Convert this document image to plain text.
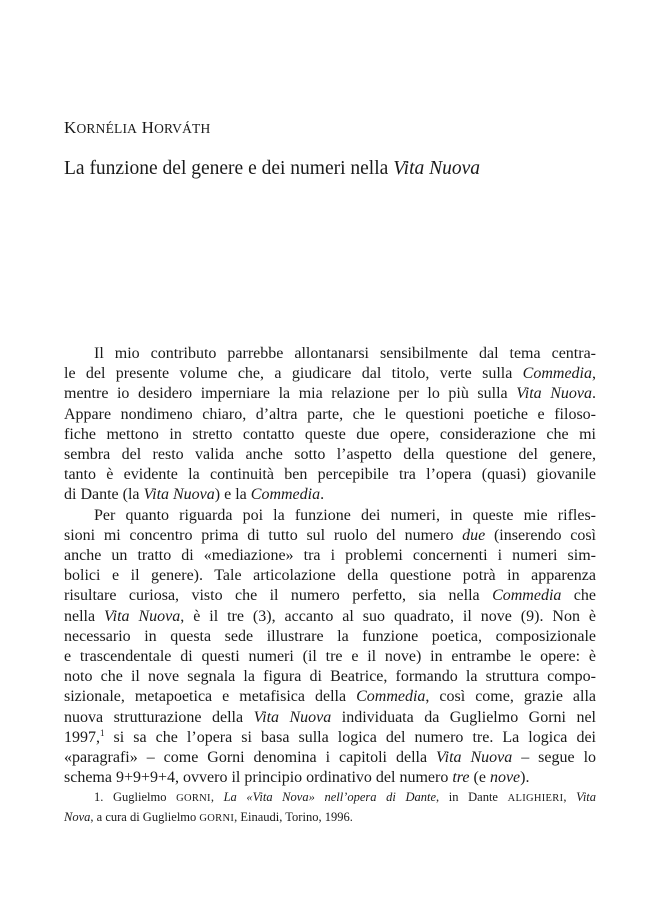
KORNÉLIA HORVÁTH
La funzione del genere e dei numeri nella Vita Nuova

Il mio contributo parrebbe allontanarsi sensibilmente dal tema centra-
le del presente volume che, a giudicare dal titolo, verte sulla Commedia,
mentre io desidero imperniare la mia relazione per lo più sulla Vita Nuova.
Appare nondimeno chiaro, d’altra parte, che le questioni poetiche e filoso-
fiche mettono in stretto contatto queste due opere, considerazione che mi
sembra del resto valida anche sotto l’aspetto della questione del genere,
tanto è evidente la continuità ben percepibile tra l’opera (quasi) giovanile
di Dante (la Vita Nuova) e la Commedia.

Per quanto riguarda poi la funzione dei numeri, in queste mie rifles-
sioni mi concentro prima di tutto sul ruolo del numero due (inserendo così
anche un tratto di «mediazione» tra i problemi concernenti i numeri sim-
bolici e il genere). Tale articolazione della questione potrà in apparenza
risultare curiosa, visto che il numero perfetto, sia nella Commedia che
nella Vita Nuova, è il tre (3), accanto al suo quadrato, il nove (9). Non è
necessario in questa sede illustrare la funzione poetica, composizionale
e trascendentale di questi numeri (il tre e il nove) in entrambe le opere: è
noto che il nove segnala la figura di Beatrice, formando la struttura compo-
sizionale, metapoetica e metafisica della Commedia, così come, grazie alla
nuova strutturazione della Vita Nuova individuata da Guglielmo Gorni nel
1997,$^1$ si sa che l’opera si basa sulla logica del numero tre. La logica dei
«paragrafi» – come Gorni denomina i capitoli della Vita Nuova – segue lo
schema 9+9+9+4, ovvero il principio ordinativo del numero tre (e nove).

1. Guglielmo GORNI, La «Vita Nova» nell’opera di Dante, in Dante ALIGHIERI, Vita
Nova, a cura di Guglielmo GORNI, Einaudi, Torino, 1996.
